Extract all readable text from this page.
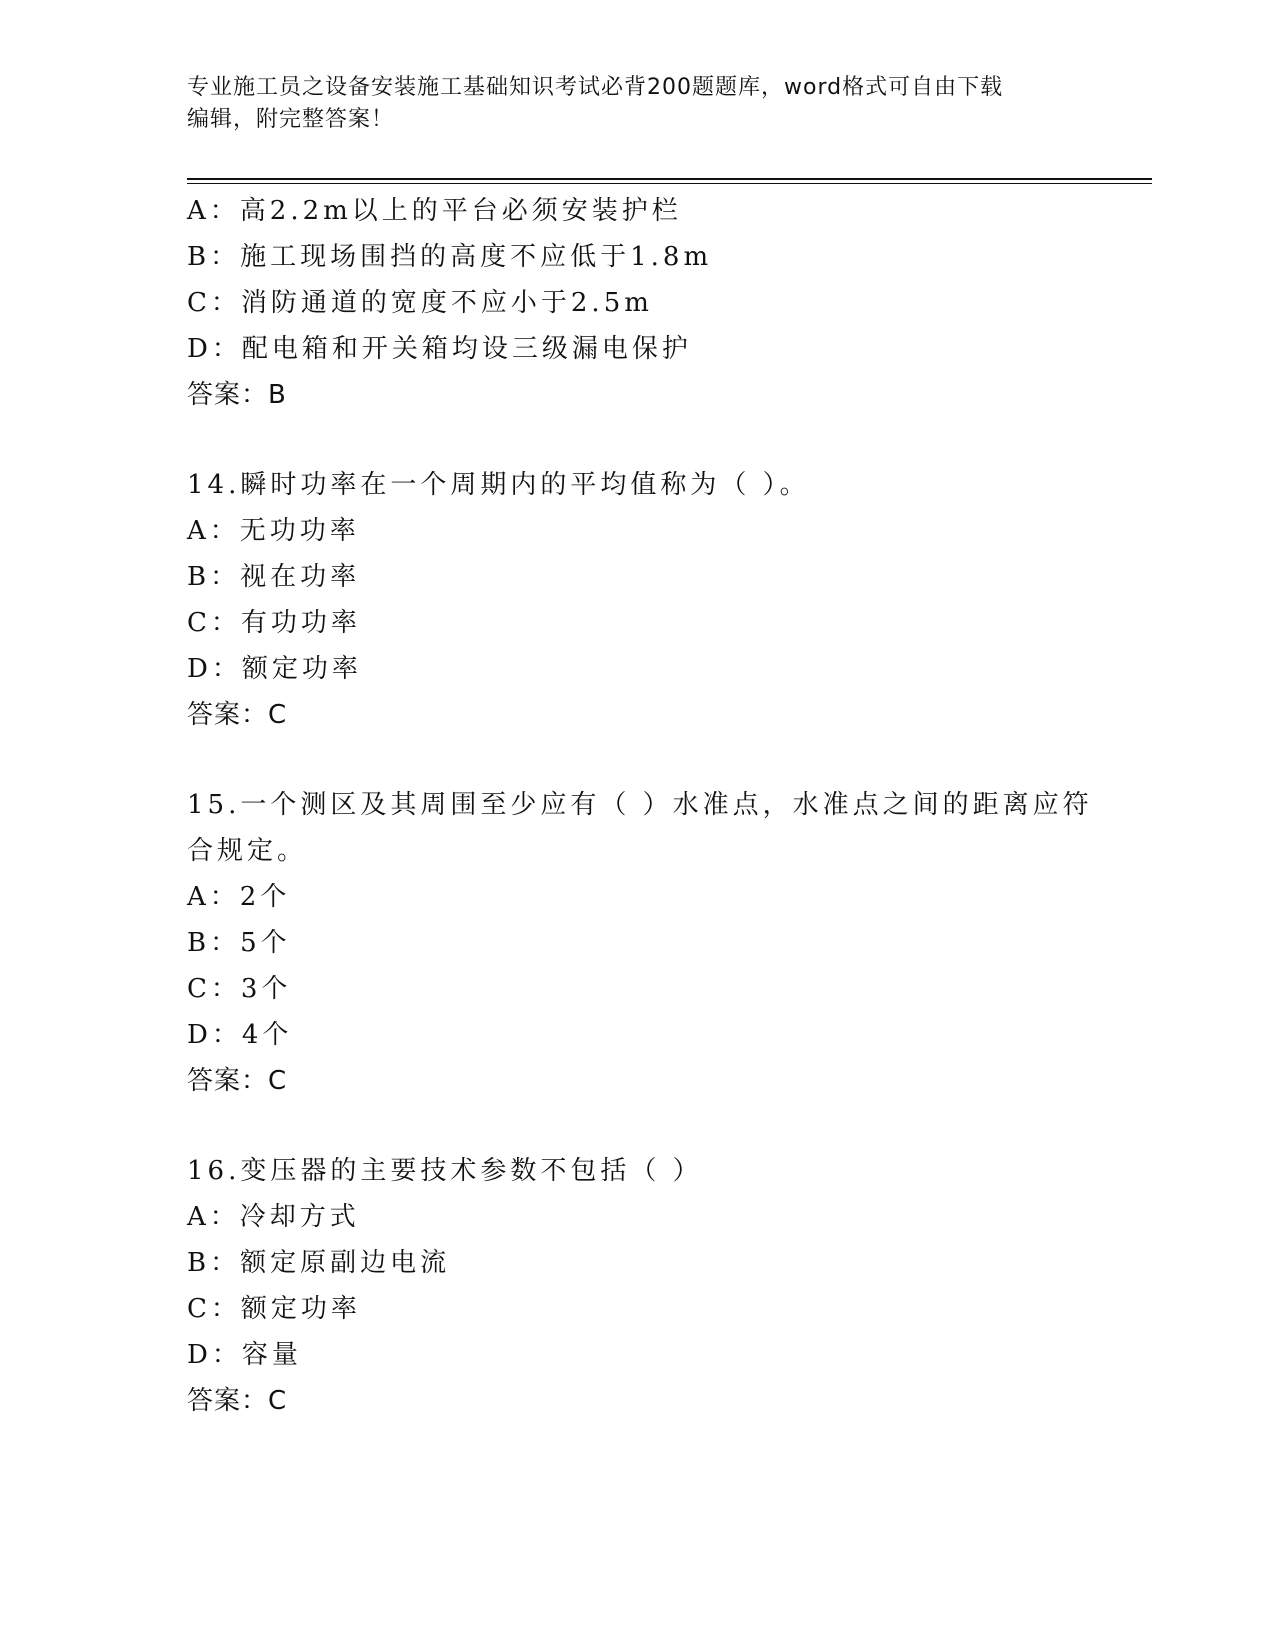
专业施工员之设备安装施工基础知识考试必背200题题库，word格式可自由下载
编辑，附完整答案！
A：高2.2m以上的平台必须安装护栏
B：施工现场围挡的高度不应低于1.8m
C：消防通道的宽度不应小于2.5m
D：配电箱和开关箱均设三级漏电保护
答案：B
14.瞬时功率在一个周期内的平均值称为（ ）。
A：无功功率
B：视在功率
C：有功功率
D：额定功率
答案：C
15.一个测区及其周围至少应有（ ）水准点，水准点之间的距离应符
合规定。
A：2个
B：5个
C：3个
D：4个
答案：C
16.变压器的主要技术参数不包括（ ）
A：冷却方式
B：额定原副边电流
C：额定功率
D：容量
答案：C
